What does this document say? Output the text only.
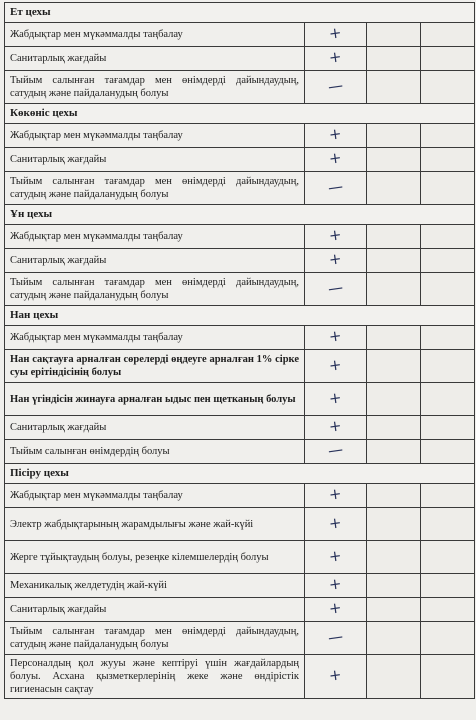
Ет цехы			
Жабдықтар мен мүкәммалды таңбалау	+		
Санитарлық жағдайы	+		
Тыйым салынған тағамдар мен өнімдерді дайындаудың, сатудың және пайдаланудың болуы	—		
Көкөніс цехы			
Жабдықтар мен мүкәммалды таңбалау	+		
Санитарлық жағдайы	+		
Тыйым салынған тағамдар мен өнімдерді дайындаудың, сатудың және пайдаланудың болуы	—		
Ұн цехы			
Жабдықтар мен мүкәммалды таңбалау	+		
Санитарлық жағдайы	+		
Тыйым салынған тағамдар мен өнімдерді дайындаудың, сатудың және пайдаланудың болуы	—		
Нан цехы			
Жабдықтар мен мүкәммалды таңбалау	+		
Нан сақтауға арналған сөрелерді өңдеуге арналған 1% сірке суы ерітіндісінің болуы	+		
Нан үгіндісін жинауға арналған ыдыс пен щетканың болуы	+		
Санитарлық жағдайы	+		
Тыйым салынған өнімдердің болуы	—		
Пісіру цехы			
Жабдықтар мен мүкәммалды таңбалау	+		
Электр жабдықтарының жарамдылығы және жай-күйі	+		
Жерге тұйықтаудың болуы, резеңке кілемшелердің болуы	+		
Механикалық желдетудің жай-күйі	+		
Санитарлық жағдайы	+		
Тыйым салынған тағамдар мен өнімдерді дайындаудың, сатудың және пайдаланудың болуы	—		
Персоналдың қол жууы және кептіруі үшін жағдайлардың болуы. Асхана қызметкерлерінің жеке және өндірістік гигиенасын сақтау	+		
